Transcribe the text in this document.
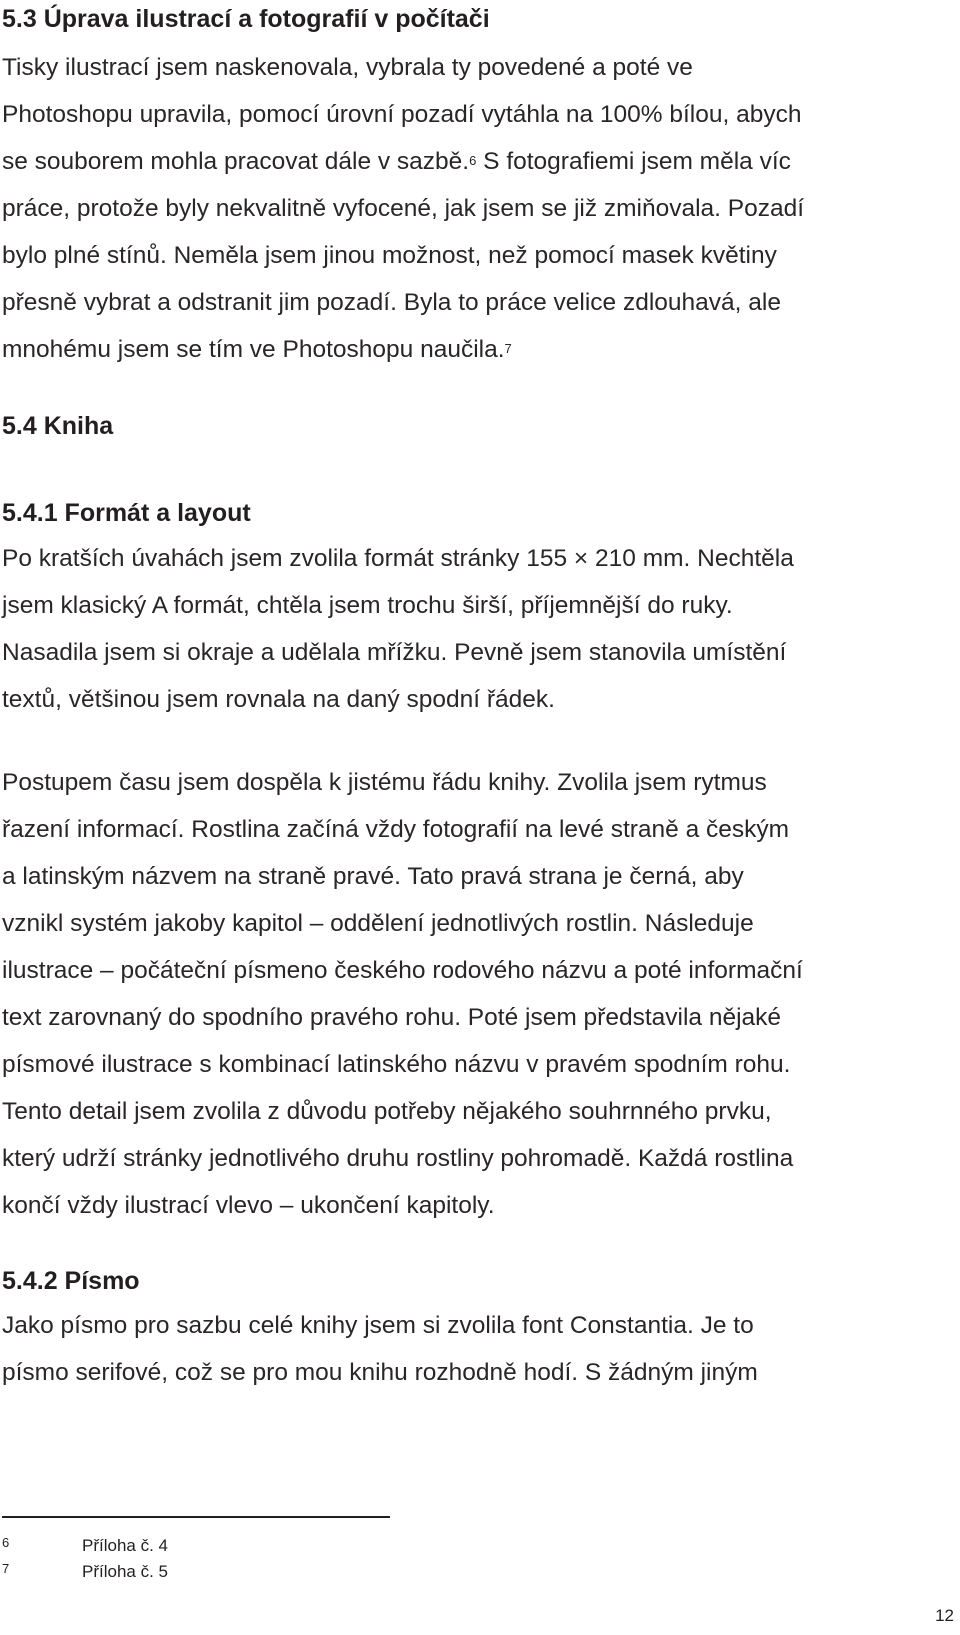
5.3 Úprava ilustrací a fotografií v počítači
Tisky ilustrací jsem naskenovala, vybrala ty povedené a poté ve
Photoshopu upravila, pomocí úrovní pozadí vytáhla na 100% bílou, abych
se souborem mohla pracovat dále v sazbě.$^6$ S fotografiemi jsem měla víc
práce, protože byly nekvalitně vyfocené, jak jsem se již zmiňovala. Pozadí
bylo plné stínů. Neměla jsem jinou možnost, než pomocí masek květiny
přesně vybrat a odstranit jim pozadí. Byla to práce velice zdlouhavá, ale
mnohému jsem se tím ve Photoshopu naučila.$^7$
5.4 Kniha
5.4.1 Formát a layout
Po kratších úvahách jsem zvolila formát stránky 155 × 210 mm. Nechtěla
jsem klasický A formát, chtěla jsem trochu širší, příjemnější do ruky.
Nasadila jsem si okraje a udělala mřížku. Pevně jsem stanovila umístění
textů, většinou jsem rovnala na daný spodní řádek.
Postupem času jsem dospěla k jistému řádu knihy. Zvolila jsem rytmus
řazení informací. Rostlina začíná vždy fotografií na levé straně a českým
a latinským názvem na straně pravé. Tato pravá strana je černá, aby
vznikl systém jakoby kapitol – oddělení jednotlivých rostlin. Následuje
ilustrace – počáteční písmeno českého rodového názvu a poté informační
text zarovnaný do spodního pravého rohu. Poté jsem představila nějaké
písmové ilustrace s kombinací latinského názvu v pravém spodním rohu.
Tento detail jsem zvolila z důvodu potřeby nějakého souhrnného prvku,
který udrží stránky jednotlivého druhu rostliny pohromadě. Každá rostlina
končí vždy ilustrací vlevo – ukončení kapitoly.
5.4.2 Písmo
Jako písmo pro sazbu celé knihy jsem si zvolila font Constantia. Je to
písmo serifové, což se pro mou knihu rozhodně hodí. S žádným jiným
6	Příloha č. 4
7	Příloha č. 5
12
